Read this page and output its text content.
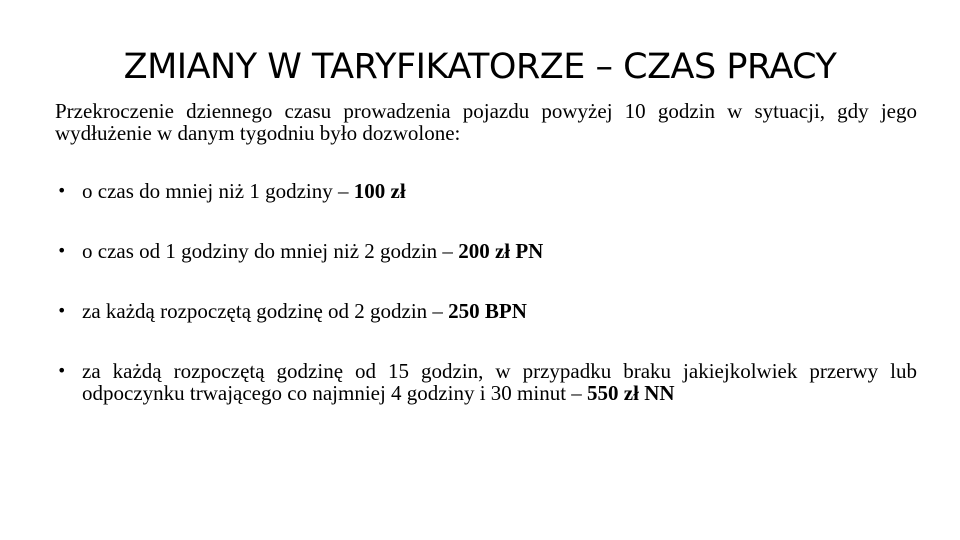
ZMIANY W TARYFIKATORZE – CZAS PRACY

Przekroczenie dziennego czasu prowadzenia pojazdu powyżej 10 godzin w sytuacji, gdy jego wydłużenie w danym tygodniu było dozwolone:

• o czas do mniej niż 1 godziny – 100 zł
• o czas od 1 godziny do mniej niż 2 godzin – 200 zł PN
• za każdą rozpoczętą godzinę od 2 godzin – 250 BPN
• za każdą rozpoczętą godzinę od 15 godzin, w przypadku braku jakiejkolwiek przerwy lub odpoczynku trwającego co najmniej 4 godziny i 30 minut – 550 zł NN
